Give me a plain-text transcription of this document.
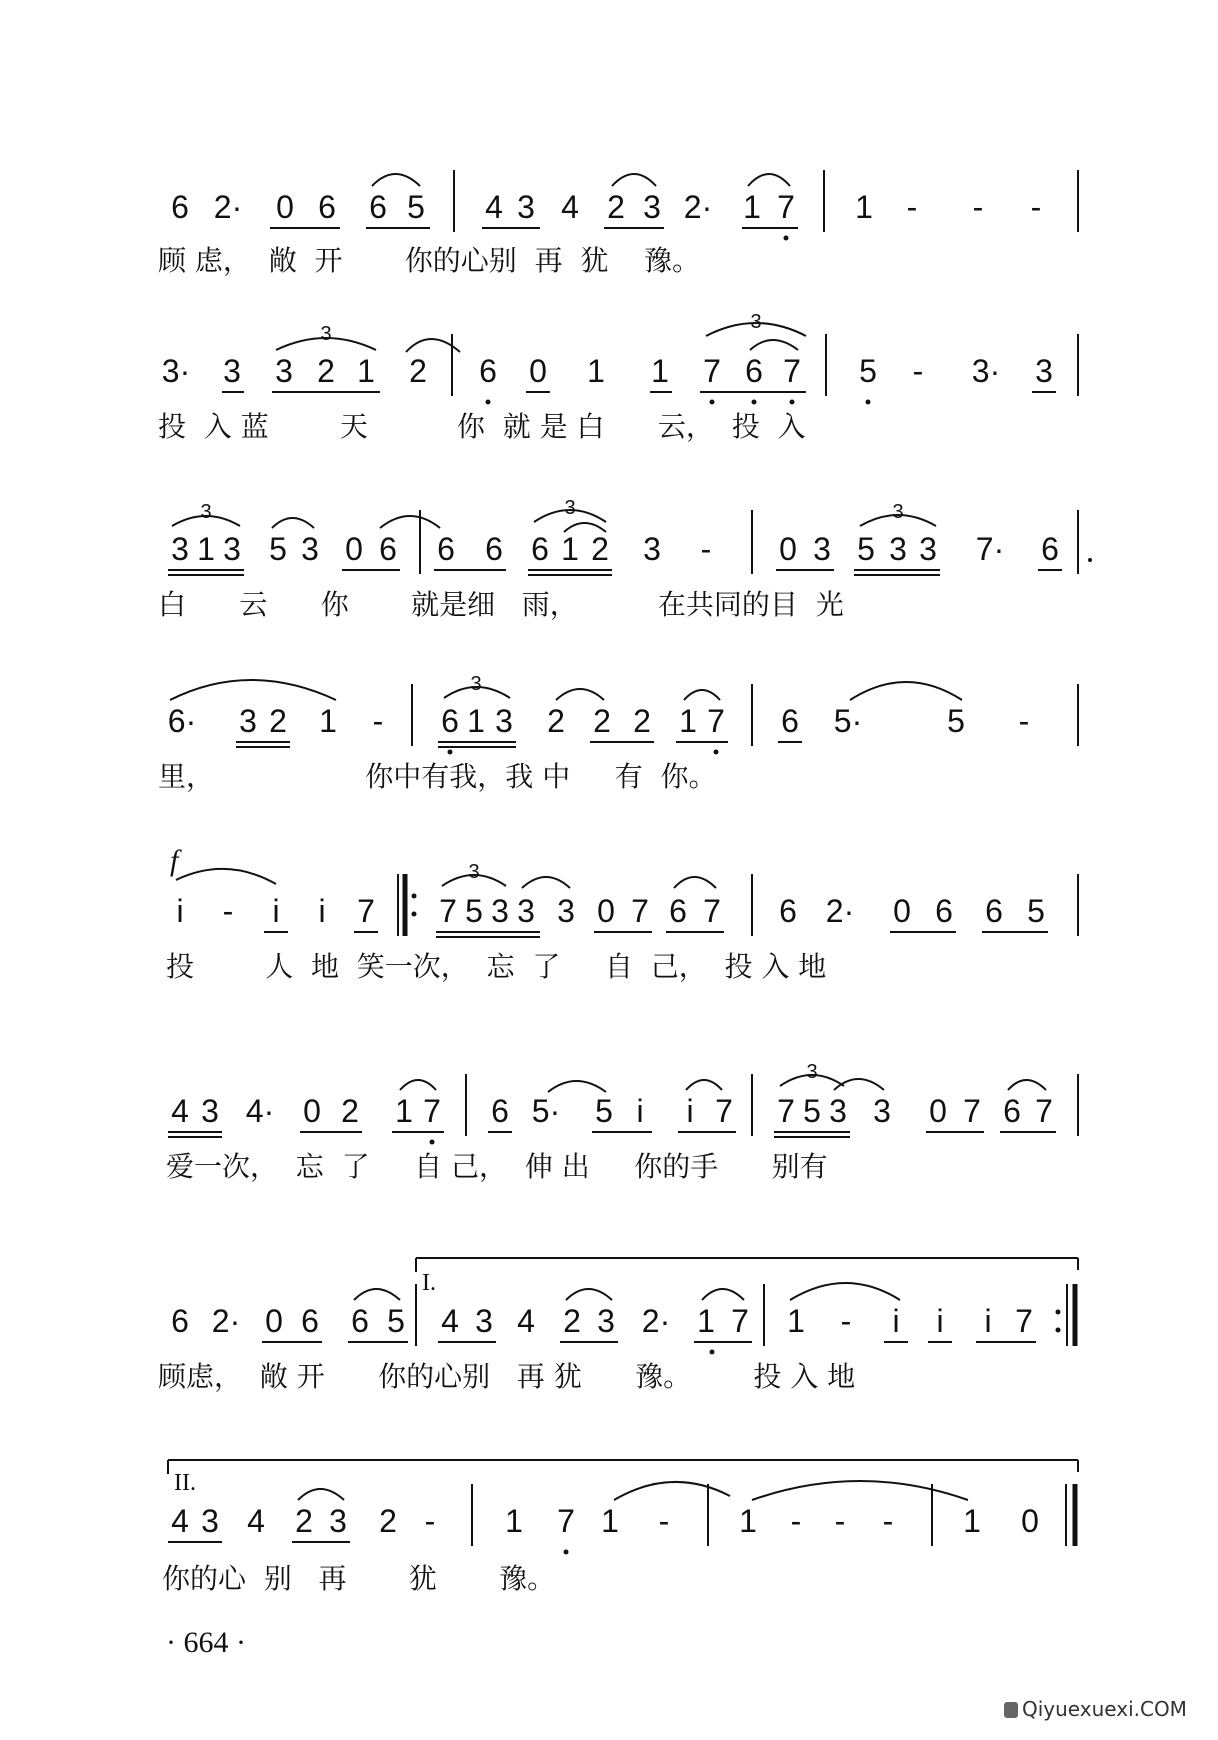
6 2· 0 6 6 5 4 3 4 2 3 2· 1 7 1 - - -
顾 虑，  敞  开       你的心别  再  犹    豫。
3· 3 3 2 1 2
3
6 0 1 1 7 6 7
3
5 - 3· 3
投  入 蓝        天          你  就 是 白      云，  投  入
3 1 3 5 3 0 6
3
6 6 6 1 2 3 -
3
0 3 5 3 3 7· 6
3
白      云      你       就是细   雨，         在共同的目  光
6· 3 2 1 - 6 1 3 2 2 2 1 7
3
6 5·	5 -
里，                 你中有我，我 中     有  你。
f
i - i i 7 7 5 3 3 3 0 7 6 7
3
6 2· 0 6 6 5
投        人  地  笑一次，  忘  了     自  己，  投 入 地
4 3 4· 0 2 1 7 6 5· 5 i i 7 7 5 3 3 0 7 6 7
3
爱一次，  忘  了     自 己，  伸 出     你的手      别有
I.
6 2· 0 6 6 5 4 3 4 2 3 2· 1 7 1 - i i i 7
顾虑，  敞 开      你的心别   再 犹      豫。       投 入 地
II.
4 3 4 2 3 2 - 1 7 1 - 1 - - - 1 0
你的心  别   再       犹       豫。
· 664 ·
Qiyuexuexi.COM
